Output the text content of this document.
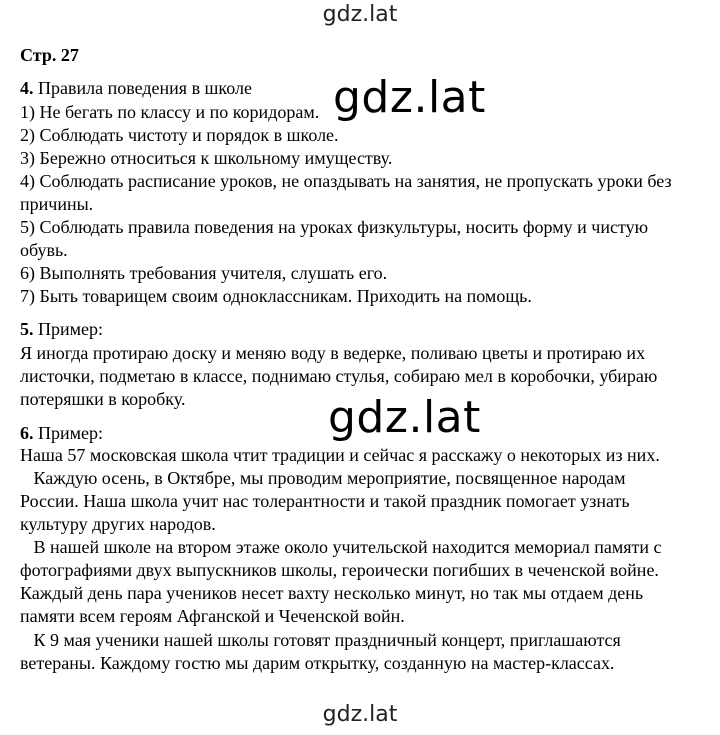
gdz.lat
Стр. 27
4. Правила поведения в школе
1) Не бегать по классу и по коридорам.
2) Соблюдать чистоту и порядок в школе.
3) Бережно относиться к школьному имуществу.
4) Соблюдать расписание уроков, не опаздывать на занятия, не пропускать уроки без
причины.
5) Соблюдать правила поведения на уроках физкультуры, носить форму и чистую
обувь.
6) Выполнять требования учителя, слушать его.
7) Быть товарищем своим одноклассникам. Приходить на помощь.
5. Пример:
Я иногда протираю доску и меняю воду в ведерке, поливаю цветы и протираю их
листочки, подметаю в классе, поднимаю стулья, собираю мел в коробочки, убираю
потеряшки в коробку.
6. Пример:
Наша 57 московская школа чтит традиции и сейчас я расскажу о некоторых из них.
Каждую осень, в Октябре, мы проводим мероприятие, посвященное народам
России. Наша школа учит нас толерантности и такой праздник помогает узнать
культуру других народов.
В нашей школе на втором этаже около учительской находится мемориал памяти с
фотографиями двух выпускников школы, героически погибших в чеченской войне.
Каждый день пара учеников несет вахту несколько минут, но так мы отдаем день
памяти всем героям Афганской и Чеченской войн.
К 9 мая ученики нашей школы готовят праздничный концерт, приглашаются
ветераны. Каждому гостю мы дарим открытку, созданную на мастер-классах.
gdz.lat
gdz.lat
gdz.lat
